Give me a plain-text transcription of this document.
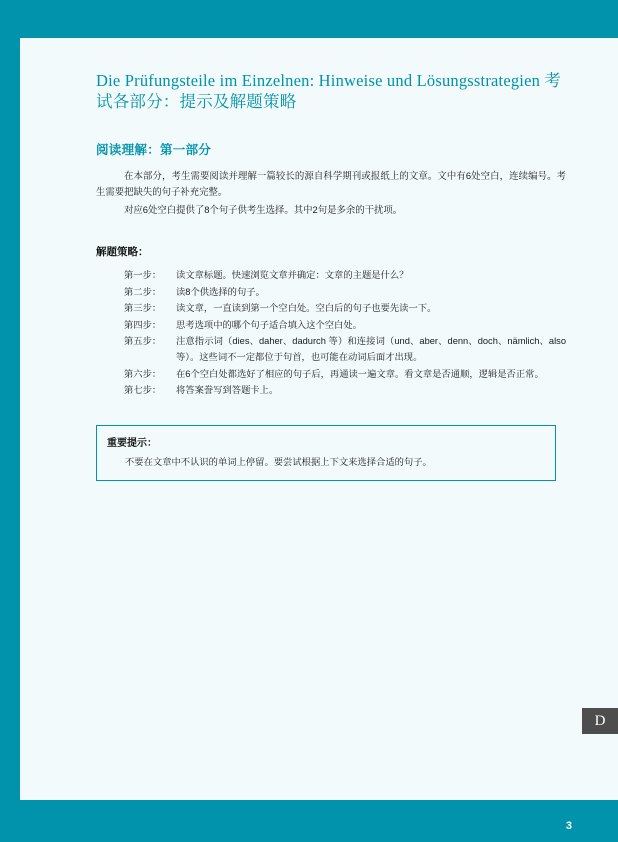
Die Prüfungsteile im Einzelnen: Hinweise und Lösungsstrategien 考试各部分：提示及解题策略
阅读理解：第一部分

在本部分，考生需要阅读并理解一篇较长的源自科学期刊或报纸上的文章。文中有6处空白，连续编号。考生需要把缺失的句子补充完整。

对应6处空白提供了8个句子供考生选择。其中2句是多余的干扰项。

解题策略：
第一步：	读文章标题。快速浏览文章并确定：文章的主题是什么？
第二步：	读8个供选择的句子。
第三步：	读文章，一直读到第一个空白处。空白后的句子也要先读一下。
第四步：	思考选项中的哪个句子适合填入这个空白处。
第五步：	注意指示词（dies、daher、dadurch 等）和连接词（und、aber、denn、doch、nämlich、also 等）。这些词不一定都位于句首，也可能在动词后面才出现。
第六步：	在6个空白处都选好了相应的句子后，再通读一遍文章。看文章是否通顺，逻辑是否正常。
第七步：	将答案誊写到答题卡上。

重要提示：

不要在文章中不认识的单词上停留。要尝试根据上下文来选择合适的句子。

D
3
